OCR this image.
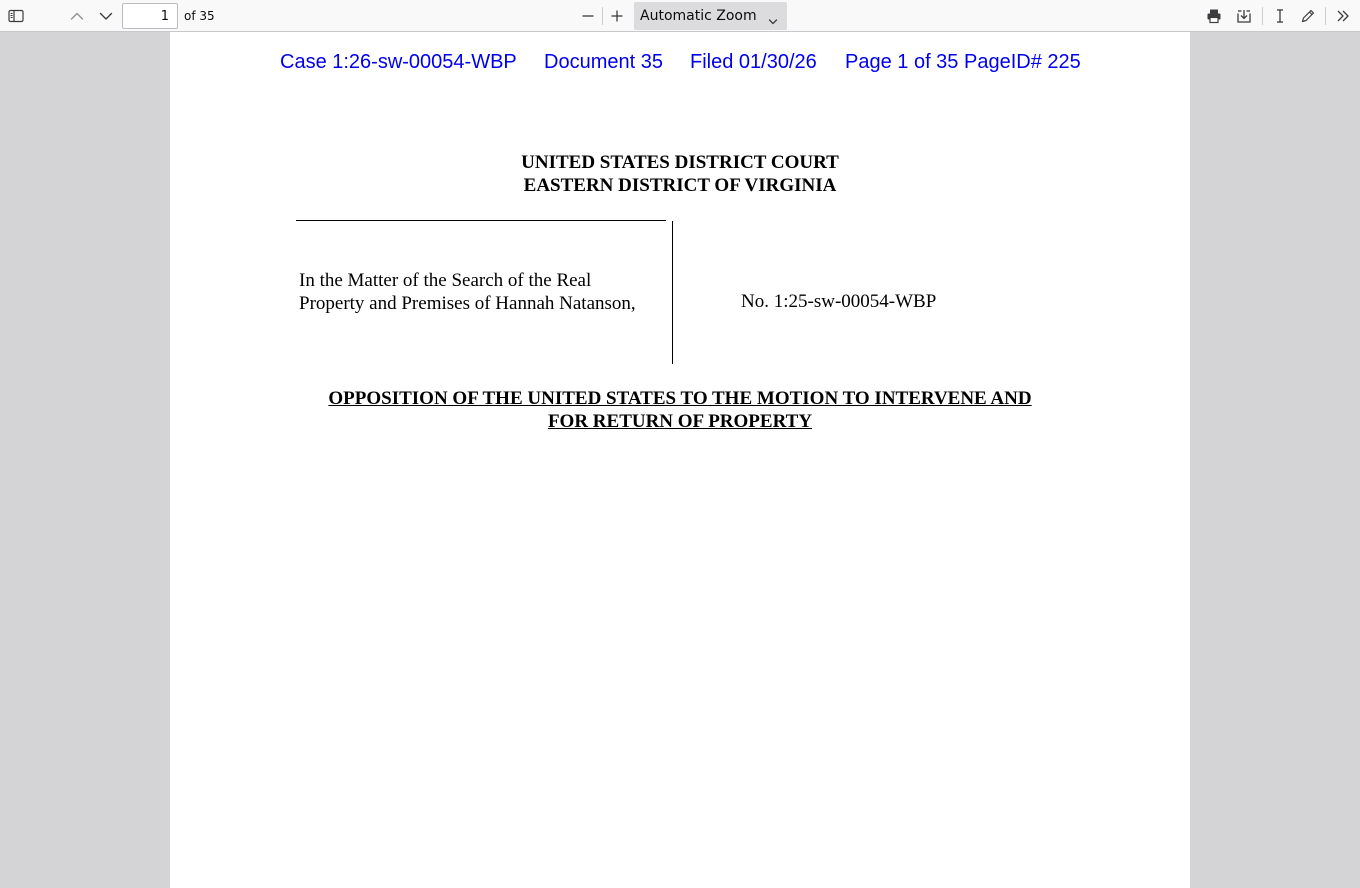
1
of 35	Automatic Zoom
Case 1:26-sw-00054-WBP Document 35 Filed 01/30/26 Page 1 of 35 PageID# 225
UNITED STATES DISTRICT COURT
EASTERN DISTRICT OF VIRGINIA
In the Matter of the Search of the Real
Property and Premises of Hannah Natanson,	No. 1:25-sw-00054-WBP
OPPOSITION OF THE UNITED STATES TO THE MOTION TO INTERVENE AND
FOR RETURN OF PROPERTY
